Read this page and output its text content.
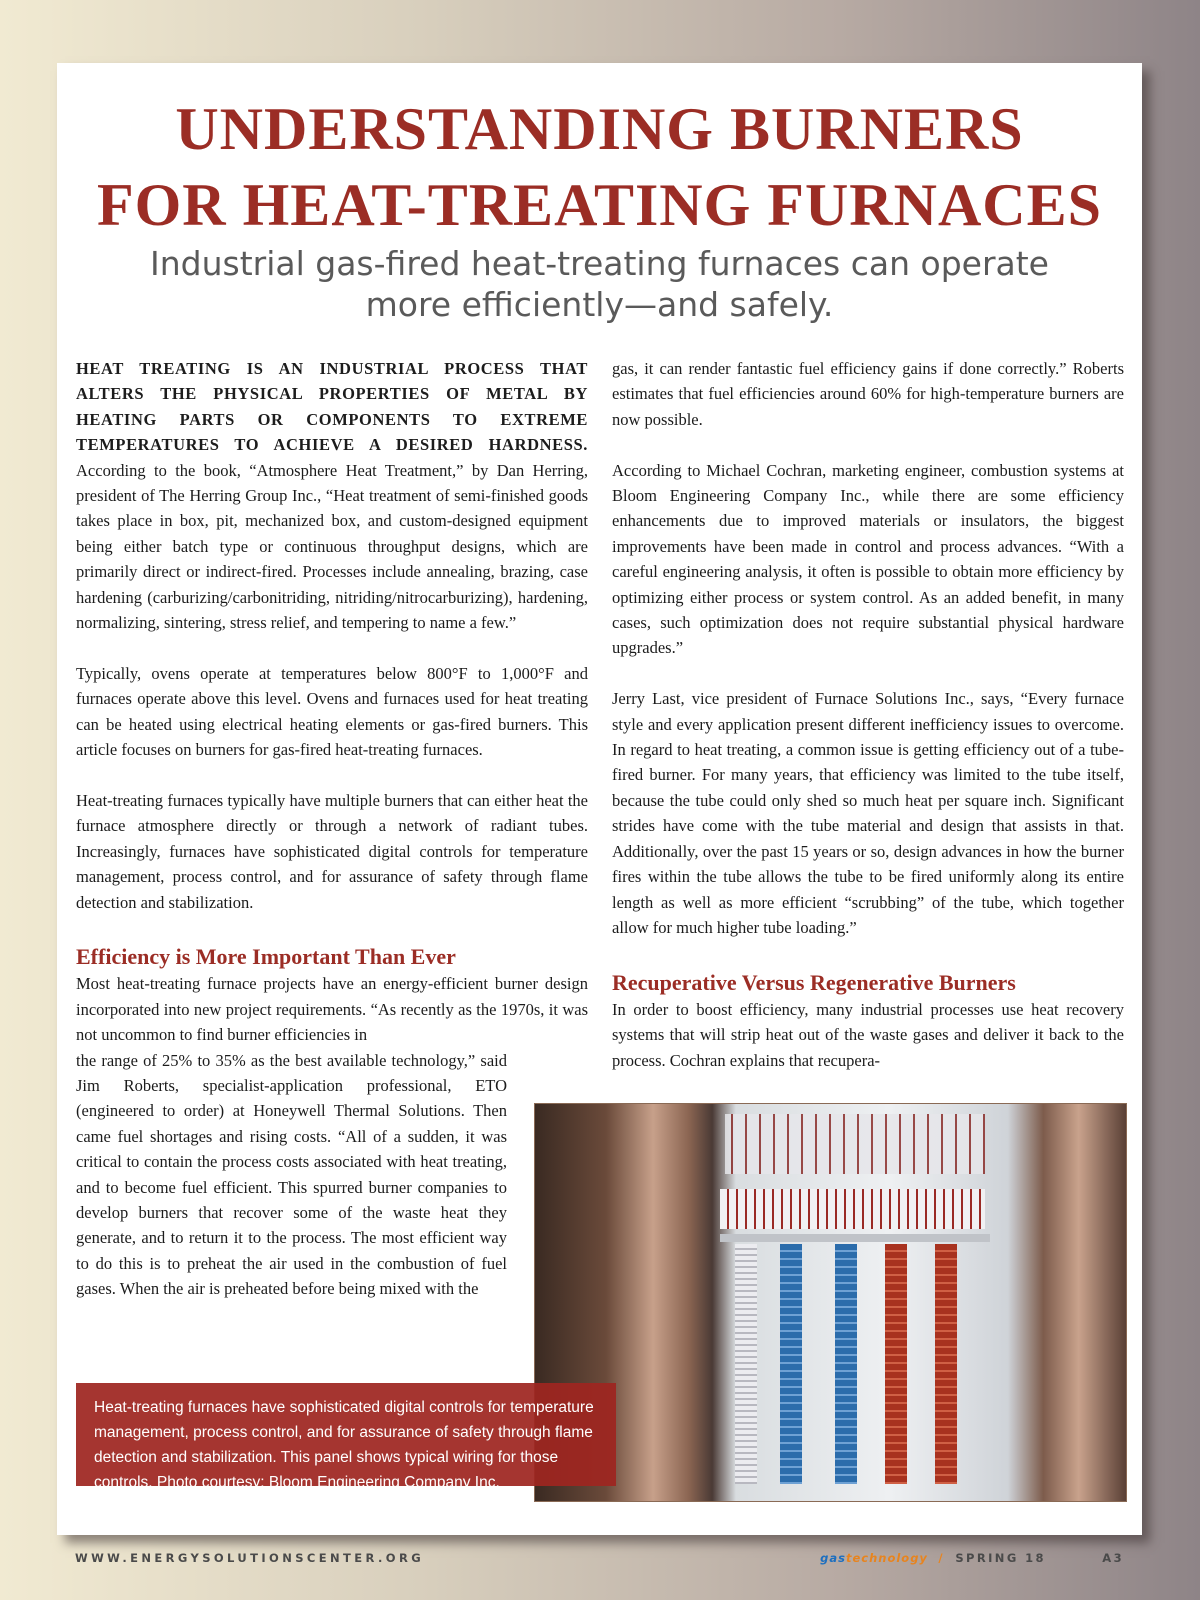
UNDERSTANDING BURNERS
FOR HEAT-TREATING FURNACES
Industrial gas-fired heat-treating furnaces can operate
more efficiently—and safely.

HEAT TREATING IS AN INDUSTRIAL PROCESS THAT ALTERS THE PHYSICAL PROPERTIES OF METAL BY HEATING PARTS OR COMPONENTS TO EXTREME TEMPERATURES TO ACHIEVE A DESIRED HARDNESS. According to the book, “Atmosphere Heat Treatment,” by Dan Herring, president of The Herring Group Inc., “Heat treatment of semi-finished goods takes place in box, pit, mechanized box, and custom-designed equipment being either batch type or continuous throughput designs, which are primarily direct or indirect-fired. Processes include annealing, brazing, case hardening (carburizing/carbonitriding, nitriding/nitrocarburizing), hardening, normalizing, sintering, stress relief, and tempering to name a few.”

Typically, ovens operate at temperatures below 800°F to 1,000°F and furnaces operate above this level. Ovens and furnaces used for heat treating can be heated using electrical heating elements or gas-fired burners. This article focuses on burners for gas-fired heat-treating furnaces.

Heat-treating furnaces typically have multiple burners that can either heat the furnace atmosphere directly or through a network of radiant tubes. Increasingly, furnaces have sophisticated digital controls for temperature management, process control, and for assurance of safety through flame detection and stabilization.

Efficiency is More Important Than Ever

Most heat-treating furnace projects have an energy-efficient burner design incorporated into new project requirements. “As recently as the 1970s, it was not uncommon to find burner efficiencies in
the range of 25% to 35% as the best available technology,” said Jim Roberts, specialist-application professional, ETO (engineered to order) at Honeywell Thermal Solutions. Then came fuel shortages and rising costs. “All of a sudden, it was critical to contain the process costs associated with heat treating, and to become fuel efficient. This spurred burner companies to develop burners that recover some of the waste heat they generate, and to return it to the process. The most efficient way to do this is to preheat the air used in the combustion of fuel gases. When the air is preheated before being mixed with the

gas, it can render fantastic fuel efficiency gains if done correctly.” Roberts estimates that fuel efficiencies around 60% for high-temperature burners are now possible.

According to Michael Cochran, marketing engineer, combustion systems at Bloom Engineering Company Inc., while there are some efficiency enhancements due to improved materials or insulators, the biggest improvements have been made in control and process advances. “With a careful engineering analysis, it often is possible to obtain more efficiency by optimizing either process or system control. As an added benefit, in many cases, such optimization does not require substantial physical hardware upgrades.”

Jerry Last, vice president of Furnace Solutions Inc., says, “Every furnace style and every application present different inefficiency issues to overcome. In regard to heat treating, a common issue is getting efficiency out of a tube-fired burner. For many years, that efficiency was limited to the tube itself, because the tube could only shed so much heat per square inch. Significant strides have come with the tube material and design that assists in that. Additionally, over the past 15 years or so, design advances in how the burner fires within the tube allows the tube to be fired uniformly along its entire length as well as more efficient “scrubbing” of the tube, which together allow for much higher tube loading.”

Recuperative Versus Regenerative Burners

In order to boost efficiency, many industrial processes use heat recovery systems that will strip heat out of the waste gases and deliver it back to the process. Cochran explains that recupera-

Heat-treating furnaces have sophisticated digital controls for temperature management, process control, and for assurance of safety through flame detection and stabilization. This panel shows typical wiring for those controls. Photo courtesy: Bloom Engineering Company Inc.
WWW.ENERGYSOLUTIONSCENTER.ORG	gastechnology / SPRING 18	A3
